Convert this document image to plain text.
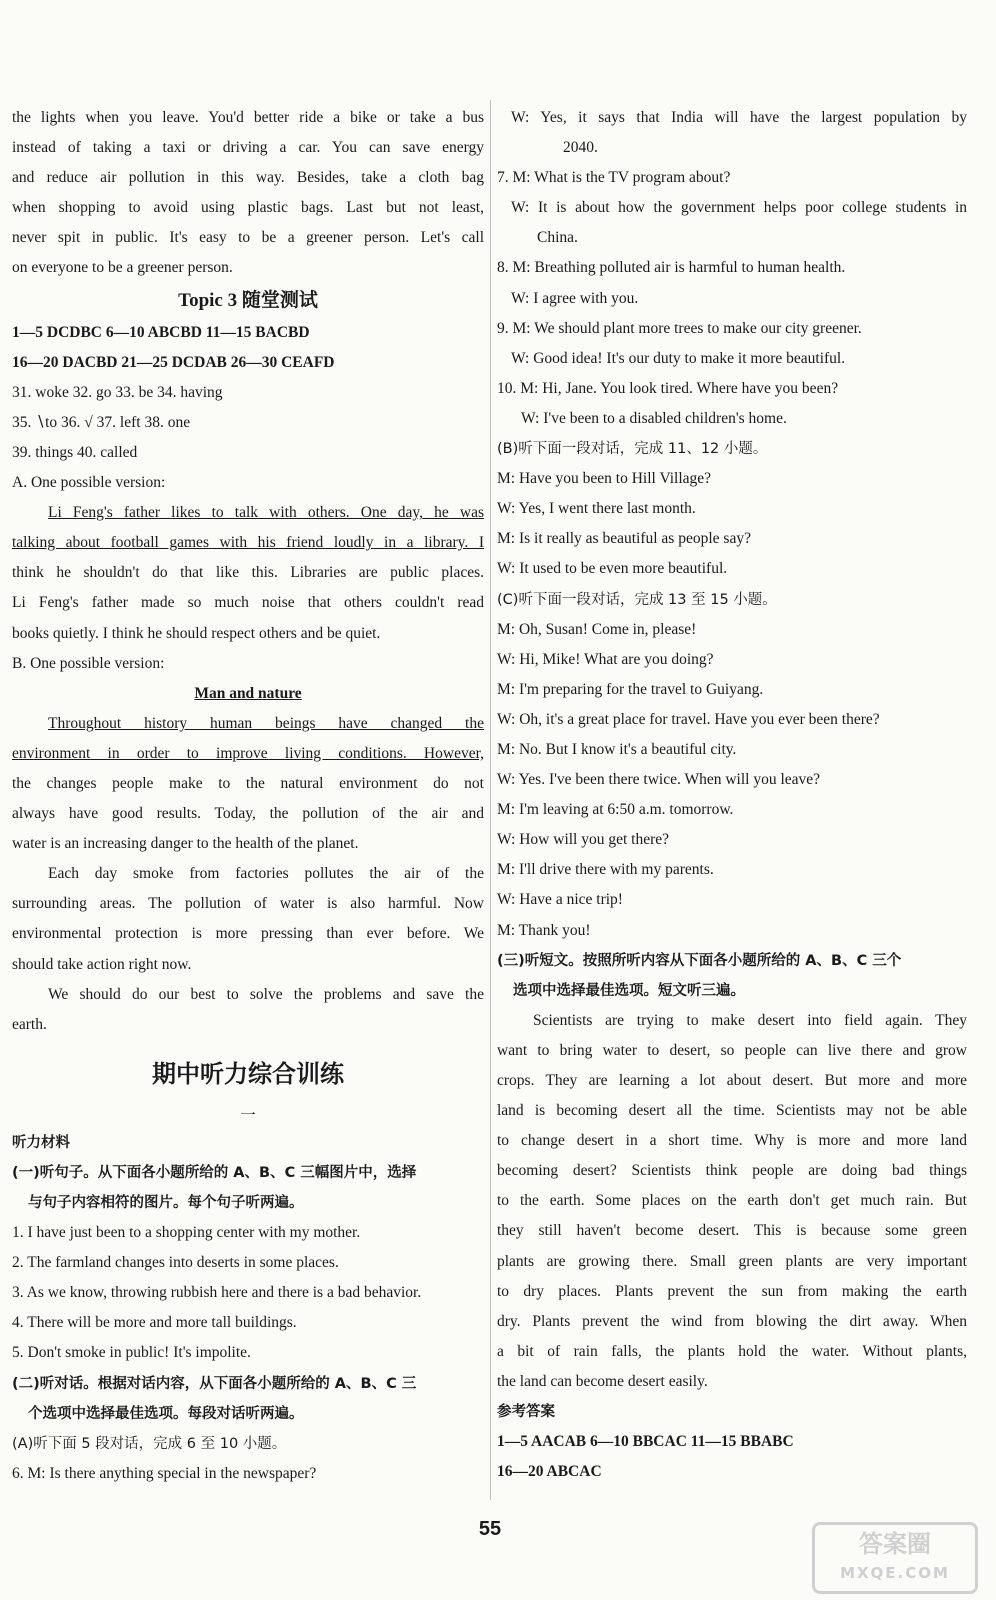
the lights when you leave. You'd better ride a bike or take a bus
instead of taking a taxi or driving a car. You can save energy
and reduce air pollution in this way. Besides, take a cloth bag
when shopping to avoid using plastic bags. Last but not least,
never spit in public. It's easy to be a greener person. Let's call
on everyone to be a greener person.
Topic 3 随堂测试
1—5 DCDBC 6—10 ABCBD 11—15 BACBD
16—20 DACBD 21—25 DCDAB 26—30 CEAFD
31. woke 32. go 33. be 34. having
35. ∖to 36. √ 37. left 38. one
39. things 40. called
A. One possible version:
Li Feng's father likes to talk with others. One day, he was
talking about football games with his friend loudly in a library. I
think he shouldn't do that like this. Libraries are public places.
Li Feng's father made so much noise that others couldn't read
books quietly. I think he should respect others and be quiet.
B. One possible version:
Man and nature
Throughout history human beings have changed the
environment in order to improve living conditions. However,
the changes people make to the natural environment do not
always have good results. Today, the pollution of the air and
water is an increasing danger to the health of the planet.
Each day smoke from factories pollutes the air of the
surrounding areas. The pollution of water is also harmful. Now
environmental protection is more pressing than ever before. We
should take action right now.
We should do our best to solve the problems and save the
earth.
期中听力综合训练
一
听力材料
(一)听句子。从下面各小题所给的 A、B、C 三幅图片中，选择
与句子内容相符的图片。每个句子听两遍。
1. I have just been to a shopping center with my mother.
2. The farmland changes into deserts in some places.
3. As we know, throwing rubbish here and there is a bad behavior.
4. There will be more and more tall buildings.
5. Don't smoke in public! It's impolite.
(二)听对话。根据对话内容，从下面各小题所给的 A、B、C 三
个选项中选择最佳选项。每段对话听两遍。
(A)听下面 5 段对话，完成 6 至 10 小题。
6. M: Is there anything special in the newspaper?
W: Yes, it says that India will have the largest population by
2040.
7. M: What is the TV program about?
W: It is about how the government helps poor college students in
China.
8. M: Breathing polluted air is harmful to human health.
W: I agree with you.
9. M: We should plant more trees to make our city greener.
W: Good idea! It's our duty to make it more beautiful.
10. M: Hi, Jane. You look tired. Where have you been?
W: I've been to a disabled children's home.
(B)听下面一段对话，完成 11、12 小题。
M: Have you been to Hill Village?
W: Yes, I went there last month.
M: Is it really as beautiful as people say?
W: It used to be even more beautiful.
(C)听下面一段对话，完成 13 至 15 小题。
M: Oh, Susan! Come in, please!
W: Hi, Mike! What are you doing?
M: I'm preparing for the travel to Guiyang.
W: Oh, it's a great place for travel. Have you ever been there?
M: No. But I know it's a beautiful city.
W: Yes. I've been there twice. When will you leave?
M: I'm leaving at 6:50 a.m. tomorrow.
W: How will you get there?
M: I'll drive there with my parents.
W: Have a nice trip!
M: Thank you!
(三)听短文。按照所听内容从下面各小题所给的 A、B、C 三个
选项中选择最佳选项。短文听三遍。
Scientists are trying to make desert into field again. They
want to bring water to desert, so people can live there and grow
crops. They are learning a lot about desert. But more and more
land is becoming desert all the time. Scientists may not be able
to change desert in a short time. Why is more and more land
becoming desert? Scientists think people are doing bad things
to the earth. Some places on the earth don't get much rain. But
they still haven't become desert. This is because some green
plants are growing there. Small green plants are very important
to dry places. Plants prevent the sun from making the earth
dry. Plants prevent the wind from blowing the dirt away. When
a bit of rain falls, the plants hold the water. Without plants,
the land can become desert easily.
参考答案
1—5 AACAB 6—10 BBCAC 11—15 BBABC
16—20 ABCAC
55
答案圈
MXQE.COM
